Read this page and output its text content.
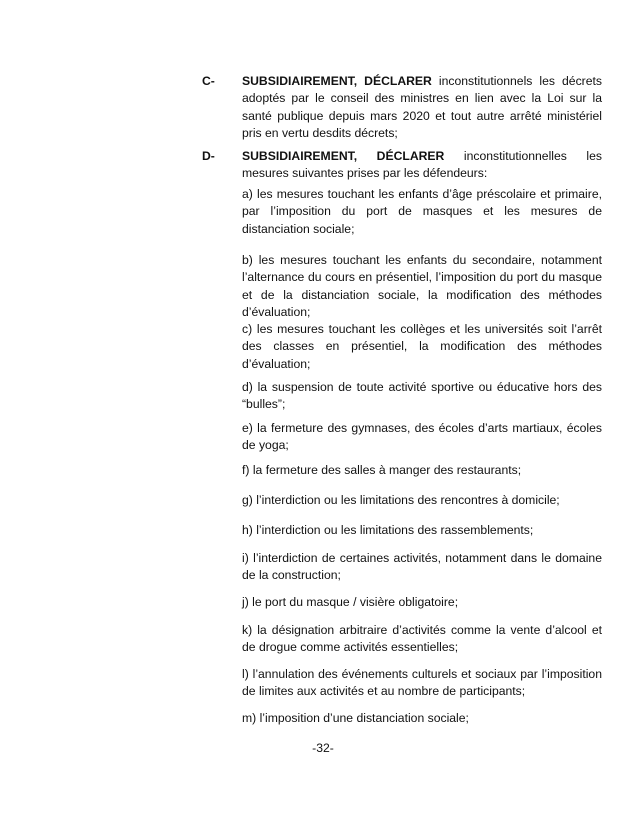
C-	SUBSIDIAIREMENT, DÉCLARER inconstitutionnels les décrets adoptés par le conseil des ministres en lien avec la Loi sur la santé publique depuis mars 2020 et tout autre arrêté ministériel pris en vertu desdits décrets;

D-	SUBSIDIAIREMENT, DÉCLARER inconstitutionnelles les mesures suivantes prises par les défendeurs:

a) les mesures touchant les enfants d’âge préscolaire et primaire, par l’imposition du port de masques et les mesures de distanciation sociale;

b) les mesures touchant les enfants du secondaire, notamment l’alternance du cours en présentiel, l’imposition du port du masque et de la distanciation sociale, la modification des méthodes d’évaluation;

c) les mesures touchant les collèges et les universités soit l’arrêt des classes en présentiel, la modification des méthodes d’évaluation;

d) la suspension de toute activité sportive ou éducative hors des “bulles”;

e) la fermeture des gymnases, des écoles d’arts martiaux, écoles de yoga;

f) la fermeture des salles à manger des restaurants;

g) l’interdiction ou les limitations des rencontres à domicile;

h) l’interdiction ou les limitations des rassemblements;

i) l’interdiction de certaines activités, notamment dans le domaine de la construction;

j) le port du masque / visière obligatoire;

k) la désignation arbitraire d’activités comme la vente d’alcool et de drogue comme activités essentielles;

l) l’annulation des événements culturels et sociaux par l’imposition de limites aux activités et au nombre de participants;

m) l’imposition d’une distanciation sociale;

-32-
